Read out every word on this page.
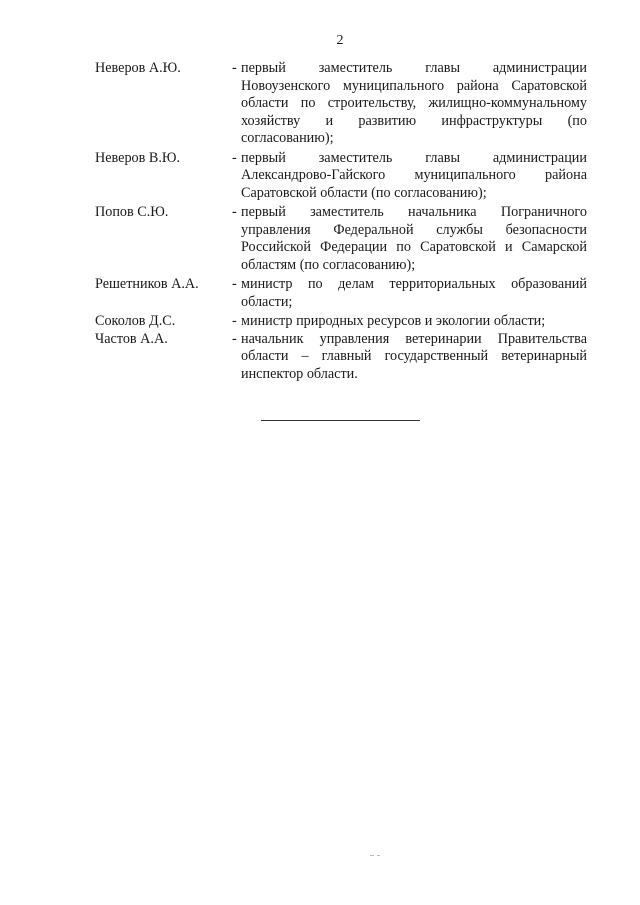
2
Неверов А.Ю.	- первый заместитель главы администрации Новоузенского муниципального района Саратовской области по строительству, жилищно-коммунальному хозяйству и развитию инфраструктуры (по согласованию);
Неверов В.Ю.	- первый заместитель главы администрации Александрово-Гайского муниципального района Саратовской области (по согласованию);
Попов С.Ю.	- первый заместитель начальника Пограничного управления Федеральной службы безопасности Российской Федерации по Саратовской и Самарской областям (по согласованию);
Решетников А.А.	- министр по делам территориальных образований области;
Соколов Д.С.	- министр природных ресурсов и экологии области;
Частов А.А.	- начальник управления ветеринарии Правительства области – главный государственный ветеринарный инспектор области.
